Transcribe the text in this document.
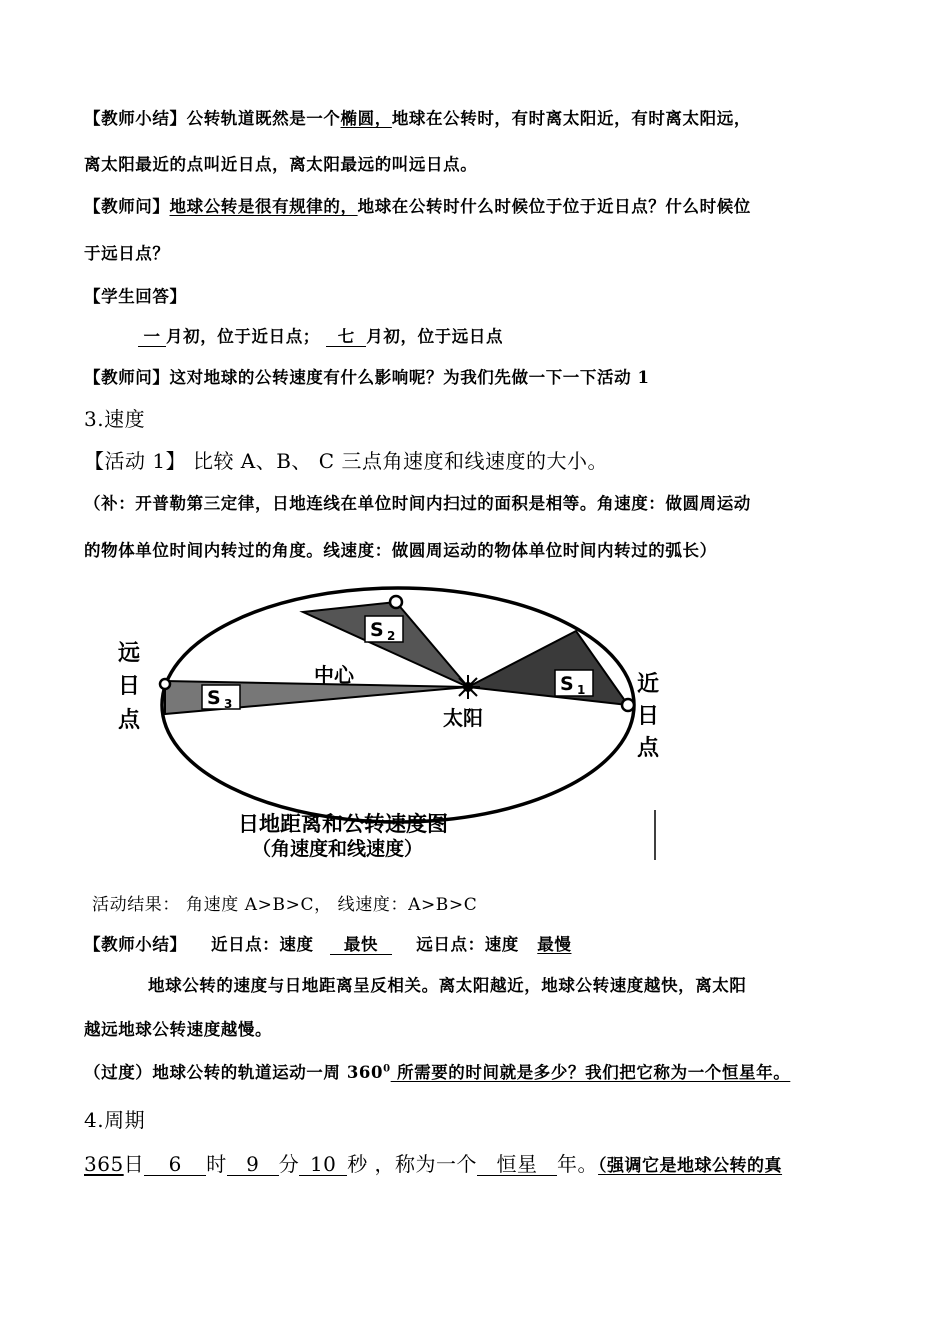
【教师小结】公转轨道既然是一个椭圆，地球在公转时，有时离太阳近，有时离太阳远，
离太阳最近的点叫近日点，离太阳最远的叫远日点。
【教师问】地球公转是很有规律的，地球在公转时什么时候位于位于近日点？什么时候位
于远日点？
【学生回答】
一 月初，位于近日点； 七 月初，位于远日点
【教师问】这对地球的公转速度有什么影响呢？为我们先做一下一下活动 1
3.速度
【活动 1】 比较 A、B、 C 三点角速度和线速度的大小。
（补：开普勒第三定律，日地连线在单位时间内扫过的面积是相等。角速度：做圆周运动
的物体单位时间内转过的角度。线速度：做圆周运动的物体单位时间内转过的弧长）
S 2
S 1
S 3
中心
太阳
远
日
点
近
日
点
日地距离和公转速度图
（角速度和线速度）
活动结果： 角速度 A>B>C， 线速度：A>B>C
【教师小结】 近日点：速度 最快 远日点：速度 最慢
地球公转的速度与日地距离呈反相关。离太阳越近，地球公转速度越快，离太阳
越远地球公转速度越慢。
（过度）地球公转的轨道运动一周 $360^0$ 所需要的时间就是多少？我们把它称为一个恒星年。
4.周期
365日 6 时 9 分 10 秒 ，称为一个 恒星 年。（强调它是地球公转的真
